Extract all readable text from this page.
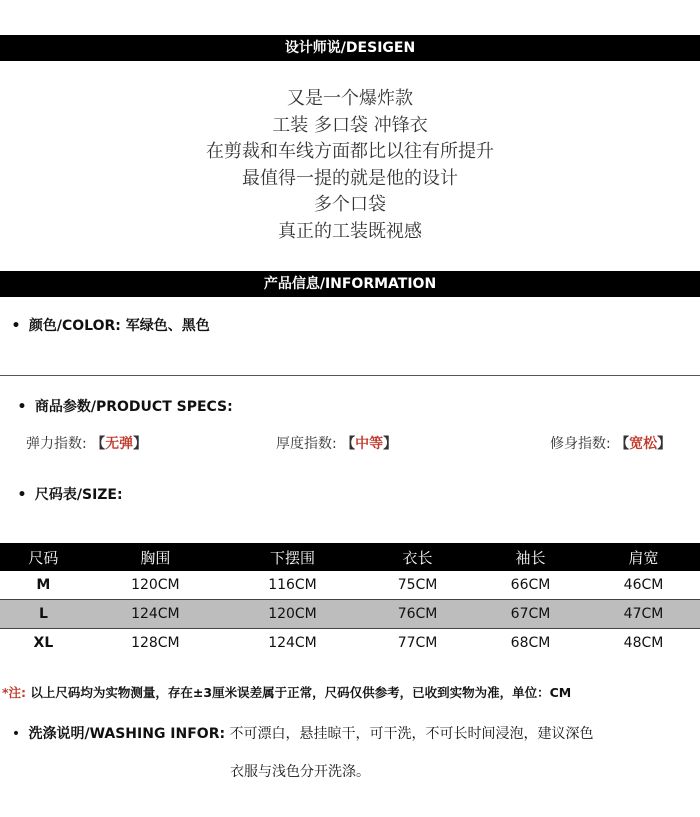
设计师说/DESIGEN
又是一个爆炸款
工装 多口袋 冲锋衣
在剪裁和车线方面都比以往有所提升
最值得一提的就是他的设计
多个口袋
真正的工装既视感
产品信息/INFORMATION
• 颜色/COLOR: 军绿色、黑色
• 商品参数/PRODUCT SPECS:
弹力指数: 【无弹】	厚度指数: 【中等】	修身指数: 【宽松】
• 尺码表/SIZE:
尺码	胸围	下摆围	衣长	袖长	肩宽
M	120CM	116CM	75CM	66CM	46CM
L	124CM	120CM	76CM	67CM	47CM
XL	128CM	124CM	77CM	68CM	48CM
*注: 以上尺码均为实物测量，存在±3厘米误差属于正常，尺码仅供参考，已收到实物为准，单位：CM
• 洗涤说明/WASHING INFOR: 不可漂白，悬挂晾干，可干洗，不可长时间浸泡，建议深色
衣服与浅色分开洗涤。
